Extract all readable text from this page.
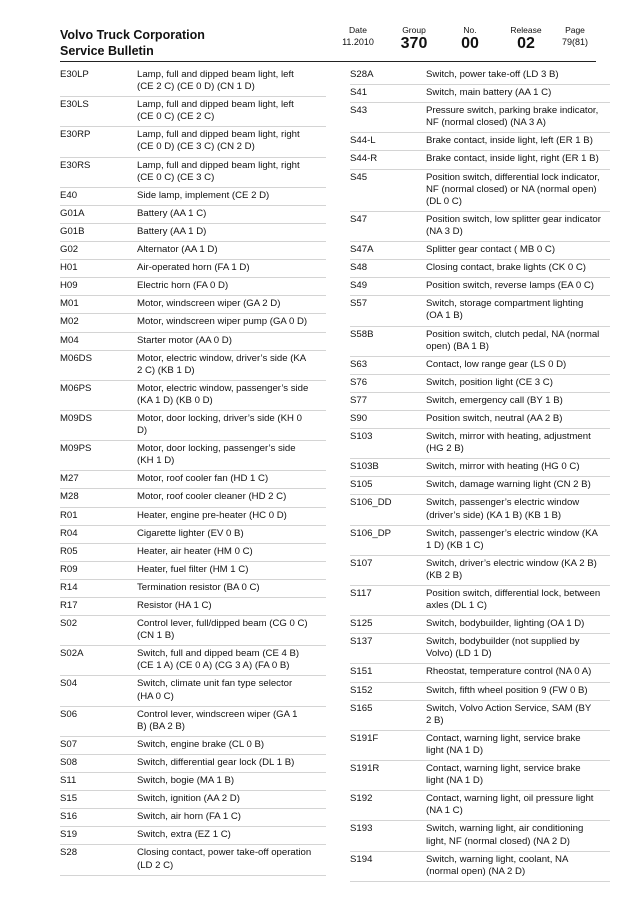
Volvo Truck Corporation
Service Bulletin
Date
11.2010
Group
370
No.
00
Release
02
Page
79(81)
E30LP	Lamp, full and dipped beam light, left
(CE 2 C) (CE 0 D) (CN 1 D)
E30LS	Lamp, full and dipped beam light, left
(CE 0 C) (CE 2 C)
E30RP	Lamp, full and dipped beam light, right
(CE 0 D) (CE 3 C) (CN 2 D)
E30RS	Lamp, full and dipped beam light, right
(CE 0 C) (CE 3 C)
E40	Side lamp, implement (CE 2 D)
G01A	Battery (AA 1 C)
G01B	Battery (AA 1 D)
G02	Alternator (AA 1 D)
H01	Air-operated horn (FA 1 D)
H09	Electric horn (FA 0 D)
M01	Motor, windscreen wiper (GA 2 D)
M02	Motor, windscreen wiper pump (GA 0 D)
M04	Starter motor (AA 0 D)
M06DS	Motor, electric window, driver’s side (KA
2 C) (KB 1 D)
M06PS	Motor, electric window, passenger’s side
(KA 1 D) (KB 0 D)
M09DS	Motor, door locking, driver’s side (KH 0
D)
M09PS	Motor, door locking, passenger’s side
(KH 1 D)
M27	Motor, roof cooler fan (HD 1 C)
M28	Motor, roof cooler cleaner (HD 2 C)
R01	Heater, engine pre-heater (HC 0 D)
R04	Cigarette lighter (EV 0 B)
R05	Heater, air heater (HM 0 C)
R09	Heater, fuel filter (HM 1 C)
R14	Termination resistor (BA 0 C)
R17	Resistor (HA 1 C)
S02	Control lever, full/dipped beam (CG 0 C)
(CN 1 B)
S02A	Switch, full and dipped beam (CE 4 B)
(CE 1 A) (CE 0 A) (CG 3 A) (FA 0 B)
S04	Switch, climate unit fan type selector
(HA 0 C)
S06	Control lever, windscreen wiper (GA 1
B) (BA 2 B)
S07	Switch, engine brake (CL 0 B)
S08	Switch, differential gear lock (DL 1 B)
S11	Switch, bogie (MA 1 B)
S15	Switch, ignition (AA 2 D)
S16	Switch, air horn (FA 1 C)
S19	Switch, extra (EZ 1 C)
S28	Closing contact, power take-off operation
(LD 2 C)
S28A	Switch, power take-off (LD 3 B)
S41	Switch, main battery (AA 1 C)
S43	Pressure switch, parking brake indicator,
NF (normal closed) (NA 3 A)
S44-L	Brake contact, inside light, left (ER 1 B)
S44-R	Brake contact, inside light, right (ER 1 B)
S45	Position switch, differential lock indicator,
NF (normal closed) or NA (normal open)
(DL 0 C)
S47	Position switch, low splitter gear indicator
(NA 3 D)
S47A	Splitter gear contact ( MB 0 C)
S48	Closing contact, brake lights (CK 0 C)
S49	Position switch, reverse lamps (EA 0 C)
S57	Switch, storage compartment lighting
(OA 1 B)
S58B	Position switch, clutch pedal, NA (normal
open) (BA 1 B)
S63	Contact, low range gear (LS 0 D)
S76	Switch, position light (CE 3 C)
S77	Switch, emergency call (BY 1 B)
S90	Position switch, neutral (AA 2 B)
S103	Switch, mirror with heating, adjustment
(HG 2 B)
S103B	Switch, mirror with heating (HG 0 C)
S105	Switch, damage warning light (CN 2 B)
S106_DD	Switch, passenger’s electric window
(driver’s side) (KA 1 B) (KB 1 B)
S106_DP	Switch, passenger’s electric window (KA
1 D) (KB 1 C)
S107	Switch, driver’s electric window (KA 2 B)
(KB 2 B)
S117	Position switch, differential lock, between
axles (DL 1 C)
S125	Switch, bodybuilder, lighting (OA 1 D)
S137	Switch, bodybuilder (not supplied by
Volvo) (LD 1 D)
S151	Rheostat, temperature control (NA 0 A)
S152	Switch, fifth wheel position 9 (FW 0 B)
S165	Switch, Volvo Action Service, SAM (BY
2 B)
S191F	Contact, warning light, service brake
light (NA 1 D)
S191R	Contact, warning light, service brake
light (NA 1 D)
S192	Contact, warning light, oil pressure light
(NA 1 C)
S193	Switch, warning light, air conditioning
light, NF (normal closed) (NA 2 D)
S194	Switch, warning light, coolant, NA
(normal open) (NA 2 D)
